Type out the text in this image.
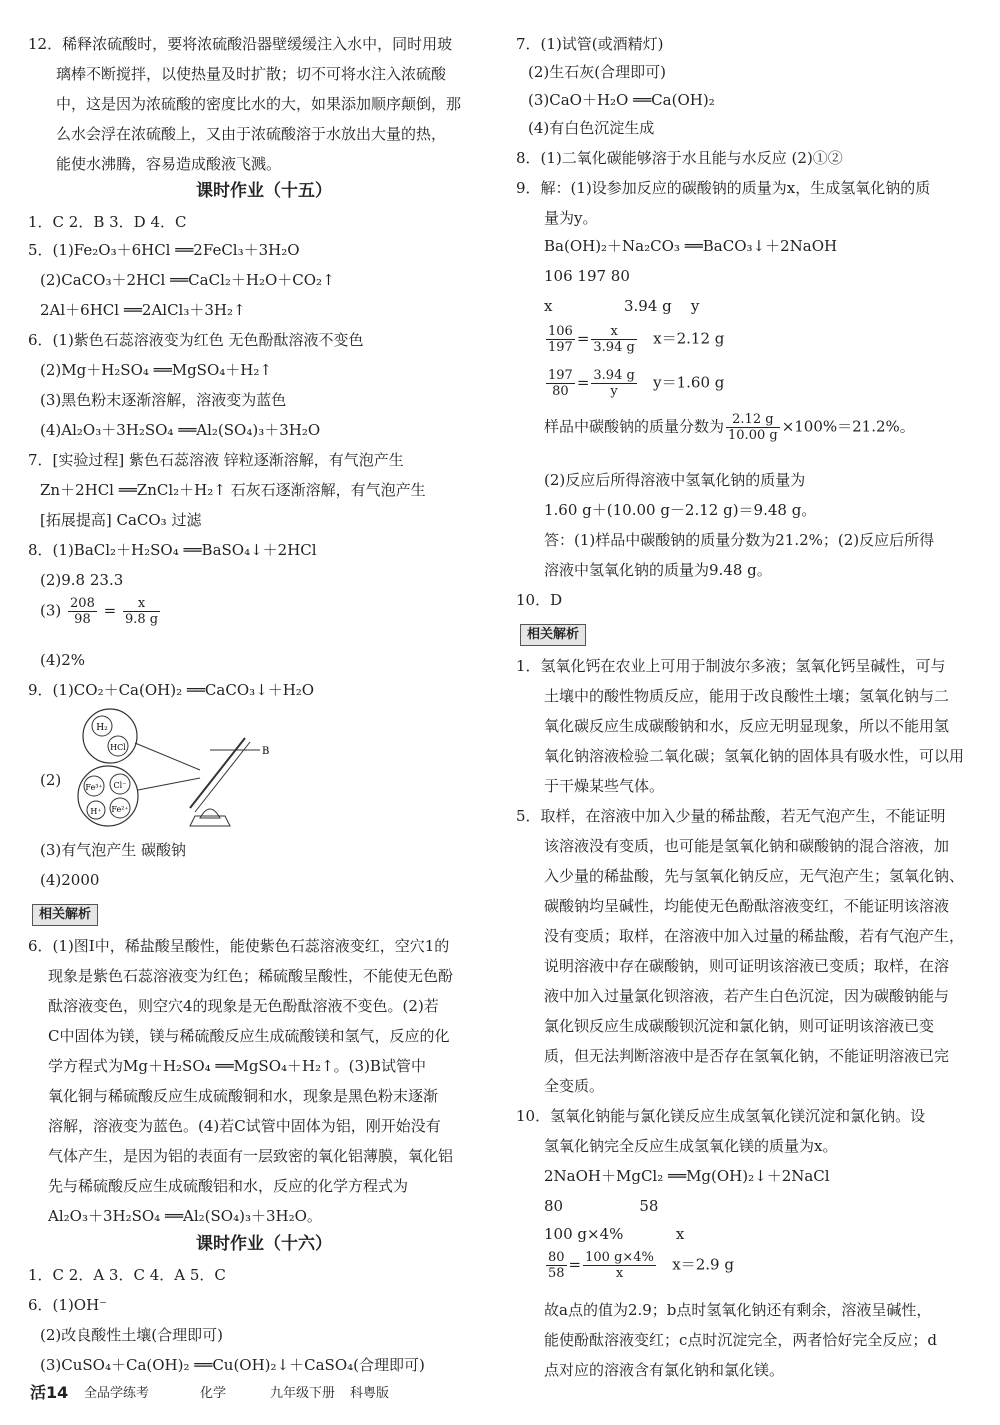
12．稀释浓硫酸时，要将浓硫酸沿器壁缓缓注入水中，同时用玻
璃棒不断搅拌，以使热量及时扩散；切不可将水注入浓硫酸
中，这是因为浓硫酸的密度比水的大，如果添加顺序颠倒，那
么水会浮在浓硫酸上，又由于浓硫酸溶于水放出大量的热，
能使水沸腾，容易造成酸液飞溅。
课时作业（十五）
1．C 2．B 3．D 4．C
5．(1)Fe₂O₃＋6HCl ══2FeCl₃＋3H₂O
(2)CaCO₃＋2HCl ══CaCl₂＋H₂O＋CO₂↑
2Al＋6HCl ══2AlCl₃＋3H₂↑
6．(1)紫色石蕊溶液变为红色 无色酚酞溶液不变色
(2)Mg＋H₂SO₄ ══MgSO₄＋H₂↑
(3)黑色粉末逐渐溶解，溶液变为蓝色
(4)Al₂O₃＋3H₂SO₄ ══Al₂(SO₄)₃＋3H₂O
7．[实验过程] 紫色石蕊溶液 锌粒逐渐溶解，有气泡产生
Zn＋2HCl ══ZnCl₂＋H₂↑ 石灰石逐渐溶解，有气泡产生
[拓展提高] CaCO₃ 过滤
8．(1)BaCl₂＋H₂SO₄ ══BaSO₄↓＋2HCl
(2)9.8 23.3
$(3) \frac{208}{98} = \frac{x}{9.8 g}$
(4)2%
9．(1)CO₂＋Ca(OH)₂ ══CaCO₃↓＋H₂O
(2)
H₂
HCl
Fe³⁺ Cl⁻
H⁺ Fe²⁺
B
(3)有气泡产生 碳酸钠
(4)2000
相关解析
6．(1)图Ⅰ中，稀盐酸呈酸性，能使紫色石蕊溶液变红，空穴1的
现象是紫色石蕊溶液变为红色；稀硫酸呈酸性，不能使无色酚
酞溶液变色，则空穴4的现象是无色酚酞溶液不变色。(2)若
C中固体为镁，镁与稀硫酸反应生成硫酸镁和氢气，反应的化
学方程式为Mg＋H₂SO₄ ══MgSO₄＋H₂↑。(3)B试管中
氧化铜与稀硫酸反应生成硫酸铜和水，现象是黑色粉末逐渐
溶解，溶液变为蓝色。(4)若C试管中固体为铝，刚开始没有
气体产生，是因为铝的表面有一层致密的氧化铝薄膜，氧化铝
先与稀硫酸反应生成硫酸铝和水，反应的化学方程式为
Al₂O₃＋3H₂SO₄ ══Al₂(SO₄)₃＋3H₂O。
课时作业（十六）
1．C 2．A 3．C 4．A 5．C
6．(1)OH⁻
(2)改良酸性土壤(合理即可)
(3)CuSO₄＋Ca(OH)₂ ══Cu(OH)₂↓＋CaSO₄(合理即可)
7．(1)试管(或酒精灯)
(2)生石灰(合理即可)
(3)CaO＋H₂O ══Ca(OH)₂
(4)有白色沉淀生成
8．(1)二氧化碳能够溶于水且能与水反应 (2)①②
9．解：(1)设参加反应的碳酸钠的质量为x，生成氢氧化钠的质
量为y。
Ba(OH)₂＋Na₂CO₃ ══BaCO₃↓＋2NaOH
106 197 80
x               3.94 g    y
$\frac{106}{197} = \frac{x}{3.94 g} x=2.12$ g
$\frac{197}{80} = \frac{3.94 g}{y} y=1.60$ g
样品中碳酸钠的质量分数为 $\frac{2.12 g}{10.00 g} \times 100\%=21.2\%$。
(2)反应后所得溶液中氢氧化钠的质量为
1.60 g＋(10.00 g－2.12 g)＝9.48 g。
答：(1)样品中碳酸钠的质量分数为21.2%；(2)反应后所得
溶液中氢氧化钠的质量为9.48 g。
10．D
相关解析
1．氢氧化钙在农业上可用于制波尔多液；氢氧化钙呈碱性，可与
土壤中的酸性物质反应，能用于改良酸性土壤；氢氧化钠与二
氧化碳反应生成碳酸钠和水，反应无明显现象，所以不能用氢
氧化钠溶液检验二氧化碳；氢氧化钠的固体具有吸水性，可以用
于干燥某些气体。
5．取样，在溶液中加入少量的稀盐酸，若无气泡产生，不能证明
该溶液没有变质，也可能是氢氧化钠和碳酸钠的混合溶液，加
入少量的稀盐酸，先与氢氧化钠反应，无气泡产生；氢氧化钠、
碳酸钠均呈碱性，均能使无色酚酞溶液变红，不能证明该溶液
没有变质；取样，在溶液中加入过量的稀盐酸，若有气泡产生，
说明溶液中存在碳酸钠，则可证明该溶液已变质；取样，在溶
液中加入过量氯化钡溶液，若产生白色沉淀，因为碳酸钠能与
氯化钡反应生成碳酸钡沉淀和氯化钠，则可证明该溶液已变
质，但无法判断溶液中是否存在氢氧化钠，不能证明溶液已完
全变质。
10．氢氧化钠能与氯化镁反应生成氢氧化镁沉淀和氯化钠。设
氢氧化钠完全反应生成氢氧化镁的质量为x。
2NaOH＋MgCl₂ ══Mg(OH)₂↓＋2NaCl
80                58
100 g×4%           x
$\frac{80}{58} = \frac{100 g\times 4\%}{x} x=2.9$ g
故a点的值为2.9；b点时氢氧化钠还有剩余，溶液呈碱性，
能使酚酞溶液变红；c点时沉淀完全，两者恰好完全反应；d
点对应的溶液含有氯化钠和氯化镁。
活14 全品学练考	化学	九年级下册 科粤版
